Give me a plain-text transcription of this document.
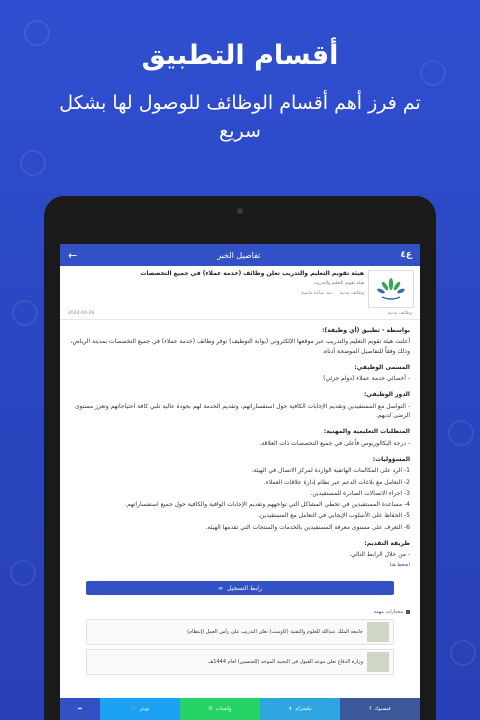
أقسام التطبيق
تم فرز أهم أقسام الوظائف للوصول لها بشكل سريع
ع٤
تفاصيل الخبر
←
هيئة تقويم التعليم والتدريب تعلن وظائف (خدمة عملاء) في جميع التخصصات
هيئة تقويم التعليم والتدريب
وظائف مدنية
منذ ساعة ماضية
وظائف مدنية
2024-04-29
بواسطة - تطبيق (أي وظيفة):

أعلنت هيئة تقويم التعليم والتدريب عبر موقعها الإلكتروني (بوابة التوظيف) توفر وظائف (خدمة عملاء) في جميع التخصصات بمدينة الرياض، وذلك وفقاً للتفاصيل الموضحة أدناه.

المسمى الوظيفي:

- أخصائي خدمة عملاء (دوام جزئي)

الدور الوظيفي:

- التواصل مع المستفيدين وتقديم الإجابات الكافية حول استفساراتهم، وتقديم الخدمة لهم بجودة عالية تلبي كافة احتياجاتهم وتعزز مستوى الرضى لديهم.

المتطلبات التعليمية والمهنية:

- درجة البكالوريوس فأعلى في جميع التخصصات ذات العلاقة.

المسؤوليات:

1- الرد على المكالمات الهاتفية الواردة لمركز الاتصال في الهيئة.

2- التعامل مع بلاغات الدعم عبر نظام إدارة علاقات العملاء.

3- اجراء الاتصالات الصادرة للمستفيدين.

4- مساعدة المستفيدين في تخطي المشاكل التي تواجههم وتقديم الإجابات الوافية والكافية حول جميع استفساراتهم.

5- الحفاظ على الأسلوب الإيجابي في التعامل مع المستفيدين.

6- التعرف على مستوى معرفة المستفيدين بالخدمات والمنتجات التي تقدمها الهيئة.

طريقة التقديم:

- من خلال الرابط التالي:

اضغط هنا
رابط التسجيل
∞
مختارات مهمة
جامعة الملك عبدالله للعلوم والتقنية (كاوست) تعلن التدريب على رأس العمل (إنتظام)
وزارة الدفاع تعلن موعد القبول في التجنيد الموحد (للجنسين) لعام 1444هـ.
➦	🐦 تويتر	✆ واتساب	✈ تيليجرام	f فيسبوك
